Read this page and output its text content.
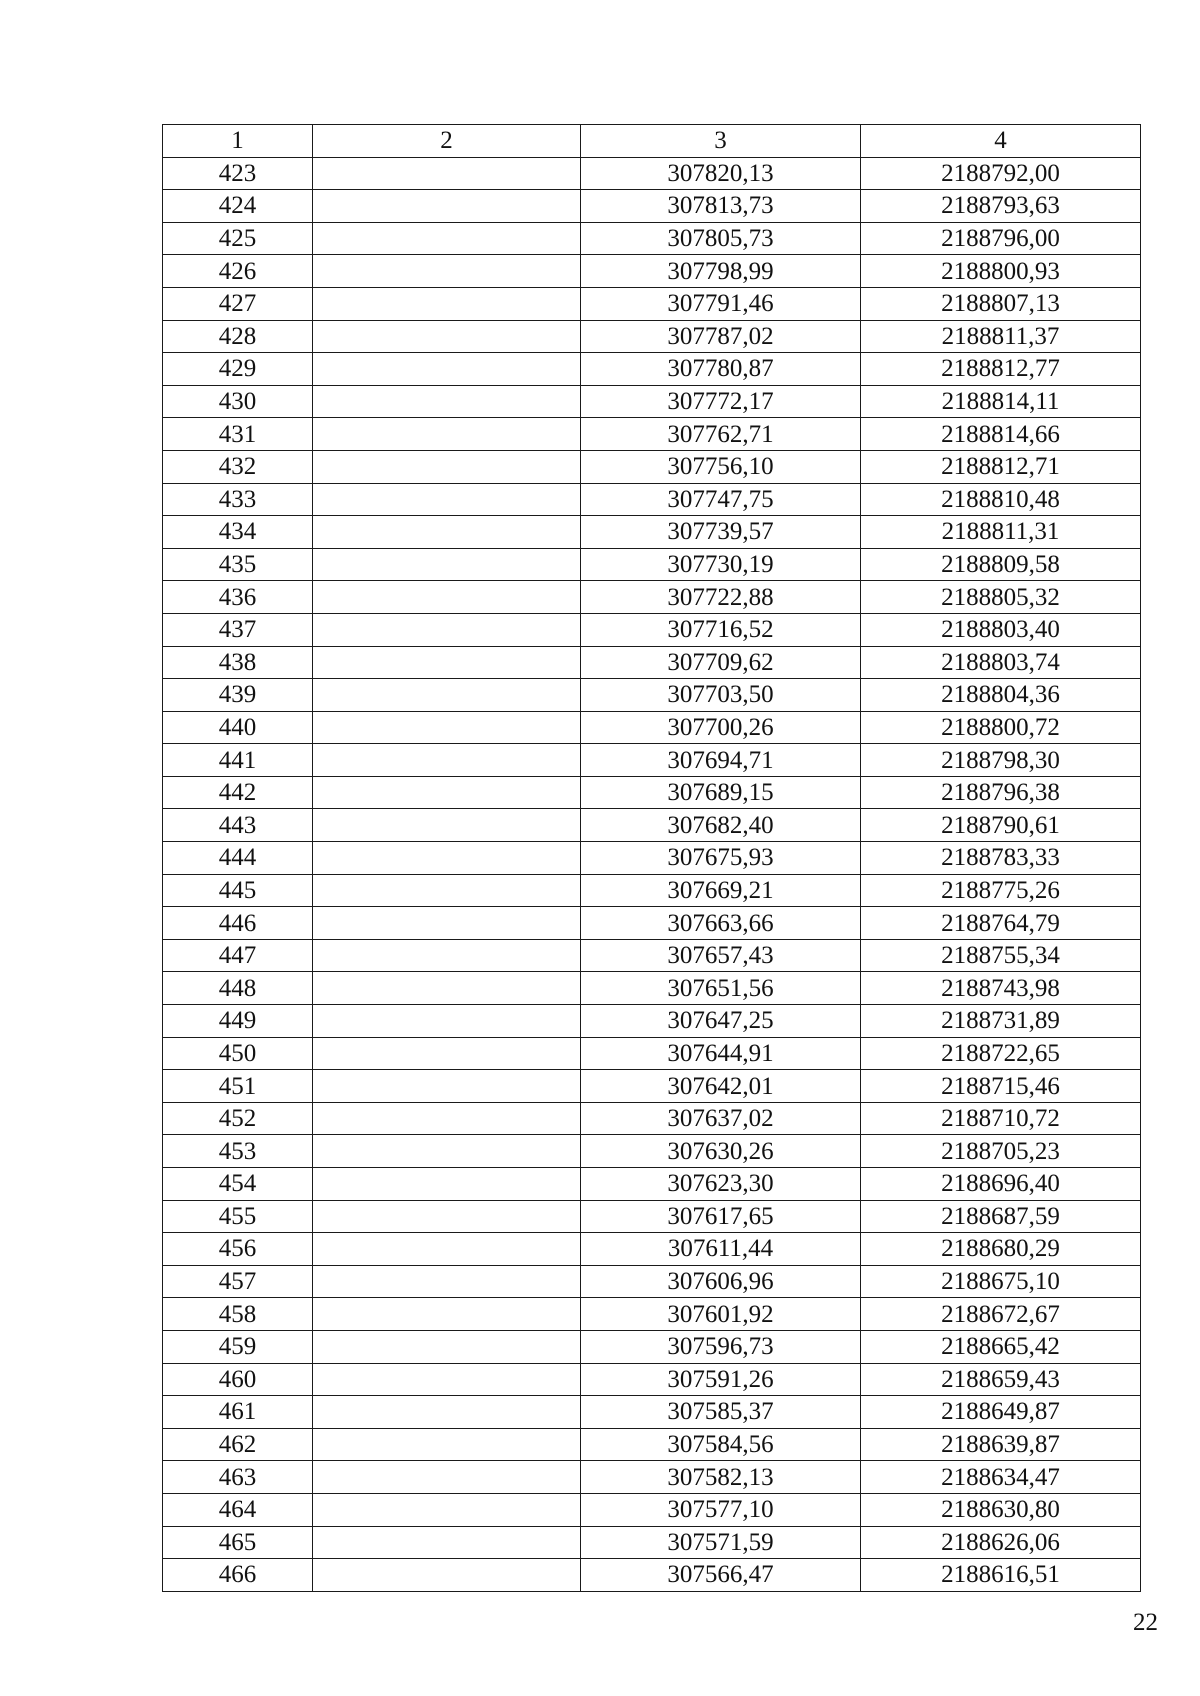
1	2	3	4
423		307820,13	2188792,00
424		307813,73	2188793,63
425		307805,73	2188796,00
426		307798,99	2188800,93
427		307791,46	2188807,13
428		307787,02	2188811,37
429		307780,87	2188812,77
430		307772,17	2188814,11
431		307762,71	2188814,66
432		307756,10	2188812,71
433		307747,75	2188810,48
434		307739,57	2188811,31
435		307730,19	2188809,58
436		307722,88	2188805,32
437		307716,52	2188803,40
438		307709,62	2188803,74
439		307703,50	2188804,36
440		307700,26	2188800,72
441		307694,71	2188798,30
442		307689,15	2188796,38
443		307682,40	2188790,61
444		307675,93	2188783,33
445		307669,21	2188775,26
446		307663,66	2188764,79
447		307657,43	2188755,34
448		307651,56	2188743,98
449		307647,25	2188731,89
450		307644,91	2188722,65
451		307642,01	2188715,46
452		307637,02	2188710,72
453		307630,26	2188705,23
454		307623,30	2188696,40
455		307617,65	2188687,59
456		307611,44	2188680,29
457		307606,96	2188675,10
458		307601,92	2188672,67
459		307596,73	2188665,42
460		307591,26	2188659,43
461		307585,37	2188649,87
462		307584,56	2188639,87
463		307582,13	2188634,47
464		307577,10	2188630,80
465		307571,59	2188626,06
466		307566,47	2188616,51
22
